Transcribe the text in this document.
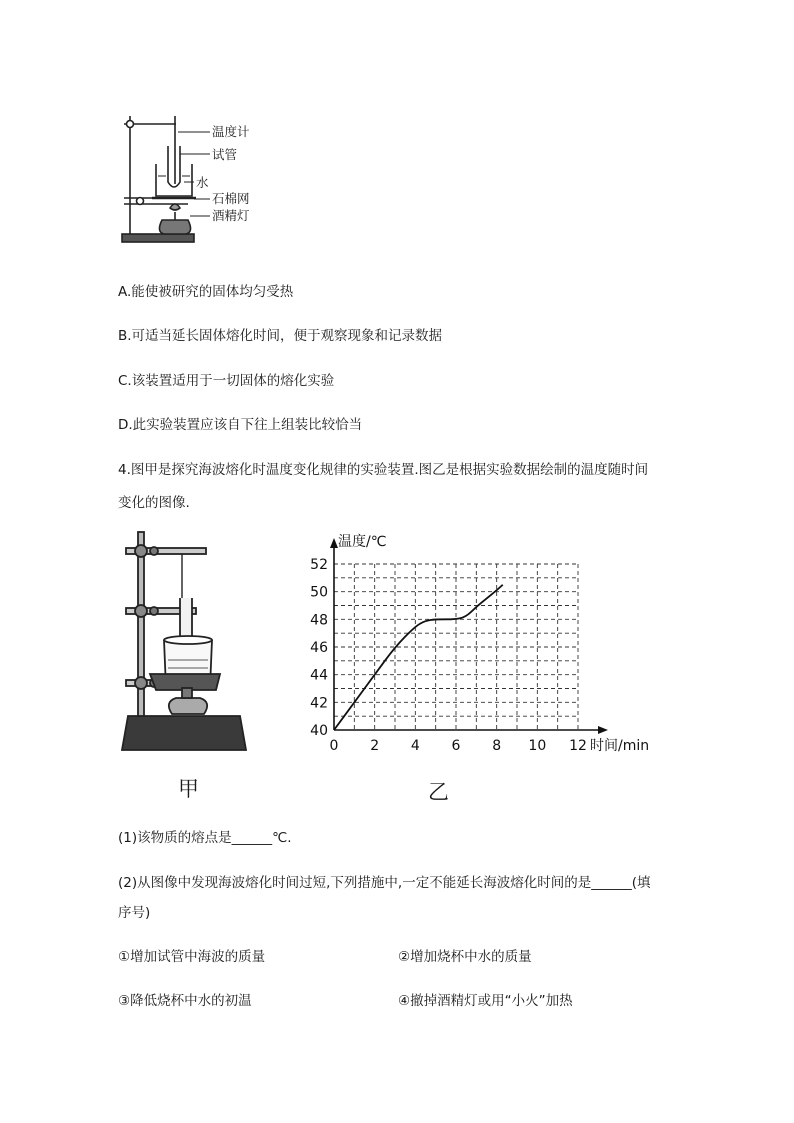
温度计
试管
水
石棉网
酒精灯
A.能使被研究的固体均匀受热
B.可适当延长固体熔化时间，便于观察现象和记录数据
C.该装置适用于一切固体的熔化实验
D.此实验装置应该自下往上组装比较恰当
4.图甲是探究海波熔化时温度变化规律的实验装置.图乙是根据实验数据绘制的温度随时间
变化的图像.
40
42
44
46
48
50
52
0 2 4 6 8 10 12
温度/℃
时间/min
甲	乙
(1)该物质的熔点是______℃.
(2)从图像中发现海波熔化时间过短,下列措施中,一定不能延长海波熔化时间的是______(填
序号)
①增加试管中海波的质量	②增加烧杯中水的质量
③降低烧杯中水的初温	④撤掉酒精灯或用“小火”加热
